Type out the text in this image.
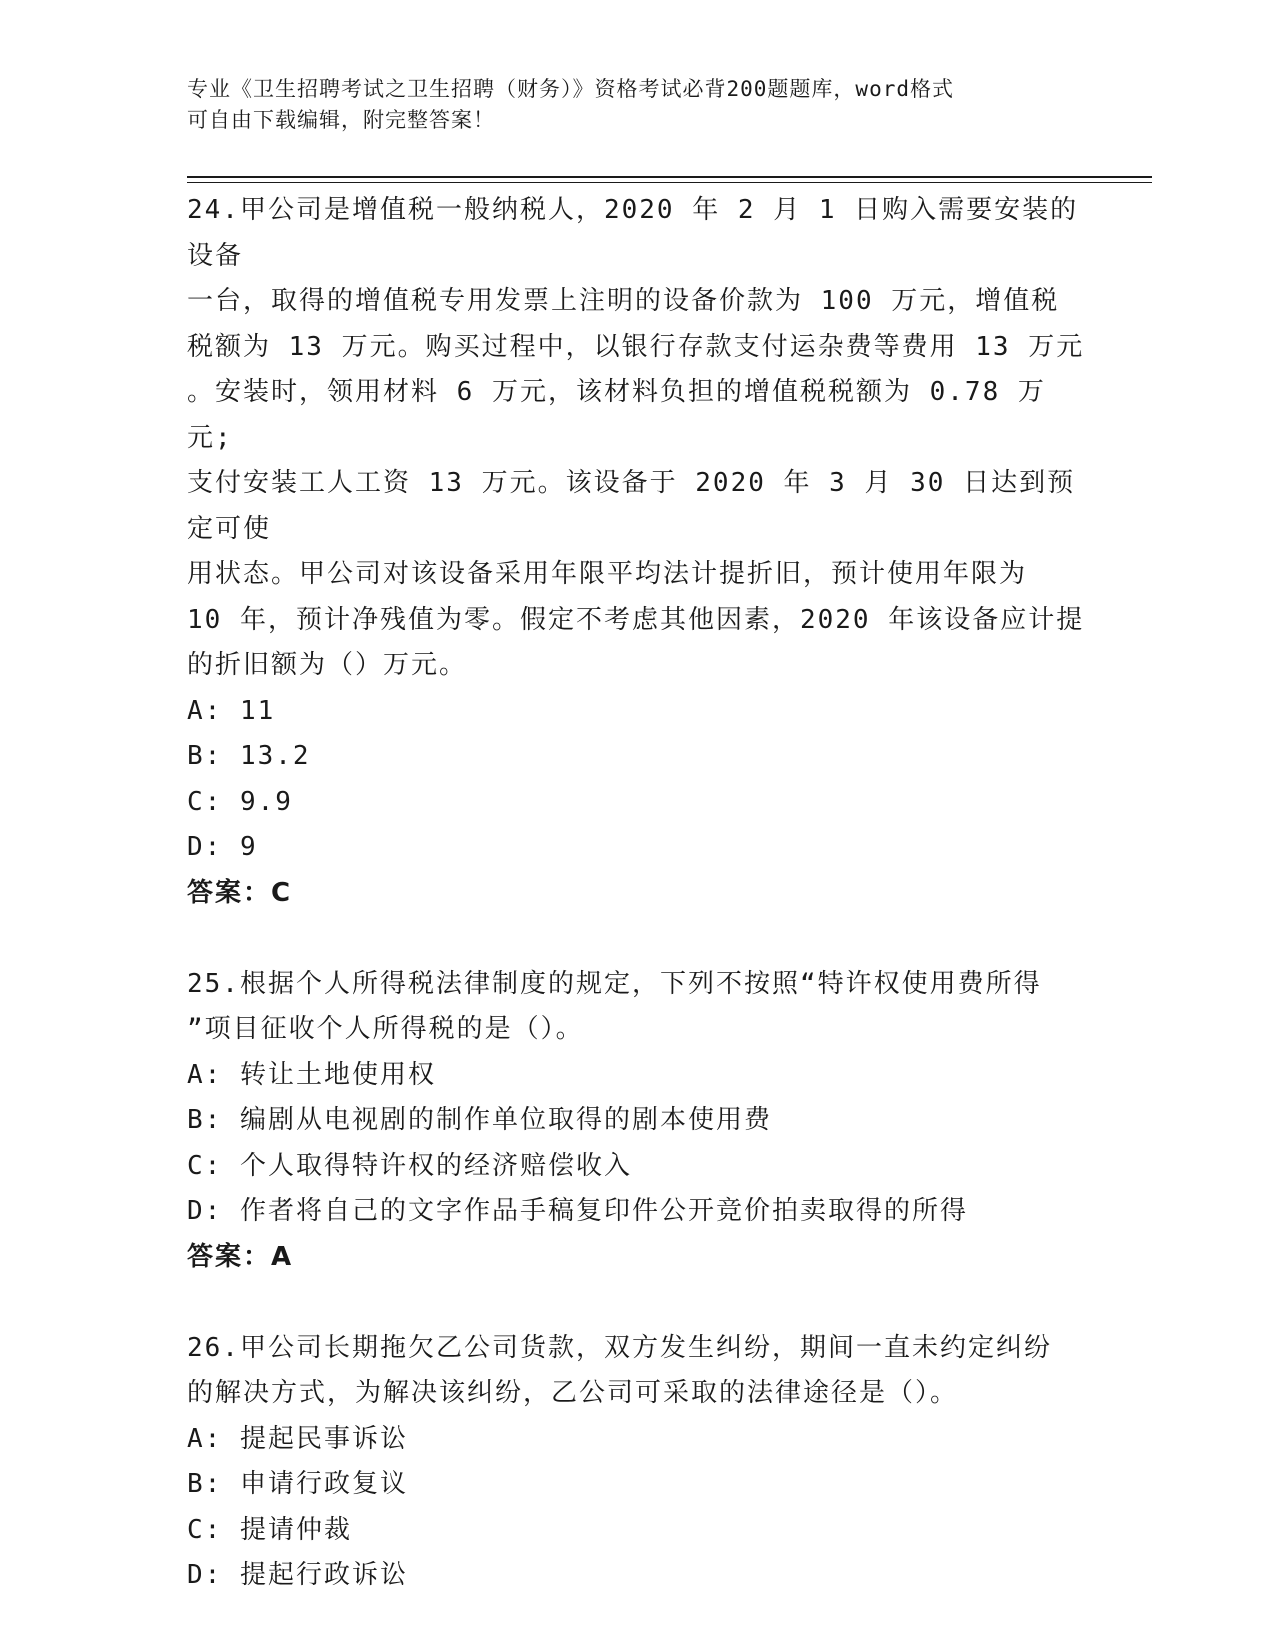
专业《卫生招聘考试之卫生招聘（财务）》资格考试必背200题题库，word格式
可自由下载编辑，附完整答案！

24.甲公司是增值税一般纳税人，2020 年 2 月 1 日购入需要安装的设备

一台，取得的增值税专用发票上注明的设备价款为 100 万元，增值税

税额为 13 万元。购买过程中，以银行存款支付运杂费等费用 13 万元

。安装时，领用材料 6 万元，该材料负担的增值税税额为 0.78 万元;

支付安装工人工资 13 万元。该设备于 2020 年 3 月 30 日达到预定可使

用状态。甲公司对该设备采用年限平均法计提折旧，预计使用年限为

10 年，预计净残值为零。假定不考虑其他因素，2020 年该设备应计提

的折旧额为（）万元。

A: 11

B: 13.2

C: 9.9

D: 9

答案：C

25.根据个人所得税法律制度的规定，下列不按照“特许权使用费所得

”项目征收个人所得税的是（）。

A: 转让土地使用权

B: 编剧从电视剧的制作单位取得的剧本使用费

C: 个人取得特许权的经济赔偿收入

D: 作者将自己的文字作品手稿复印件公开竞价拍卖取得的所得

答案：A

26.甲公司长期拖欠乙公司货款，双方发生纠纷，期间一直未约定纠纷

的解决方式，为解决该纠纷，乙公司可采取的法律途径是（）。

A: 提起民事诉讼

B: 申请行政复议

C: 提请仲裁

D: 提起行政诉讼
